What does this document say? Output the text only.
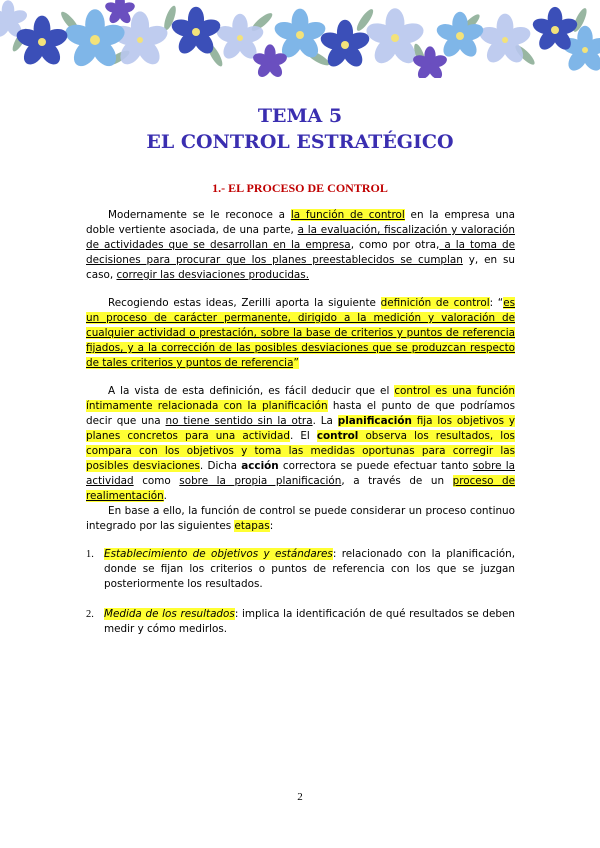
TEMA 5
EL CONTROL ESTRATÉGICO
1.- EL PROCESO DE CONTROL

Modernamente se le reconoce a la función de control en la empresa una doble vertiente asociada, de una parte, a la evaluación, fiscalización y valoración de actividades que se desarrollan en la empresa, como por otra, a la toma de decisiones para procurar que los planes preestablecidos se cumplan y, en su caso, corregir las desviaciones producidas.

Recogiendo estas ideas, Zerilli aporta la siguiente definición de control: “es un proceso de carácter permanente, dirigido a la medición y valoración de cualquier actividad o prestación, sobre la base de criterios y puntos de referencia fijados, y a la corrección de las posibles desviaciones que se produzcan respecto de tales criterios y puntos de referencia”

A la vista de esta definición, es fácil deducir que el control es una función íntimamente relacionada con la planificación hasta el punto de que podríamos decir que una no tiene sentido sin la otra. La planificación fija los objetivos y planes concretos para una actividad. El control observa los resultados, los compara con los objetivos y toma las medidas oportunas para corregir las posibles desviaciones. Dicha acción correctora se puede efectuar tanto sobre la actividad como sobre la propia planificación, a través de un proceso de realimentación.

En base a ello, la función de control se puede considerar un proceso continuo integrado por las siguientes etapas:

1. Establecimiento de objetivos y estándares: relacionado con la planificación, donde se fijan los criterios o puntos de referencia con los que se juzgan posteriormente los resultados.
2. Medida de los resultados: implica la identificación de qué resultados se deben medir y cómo medirlos.
2
